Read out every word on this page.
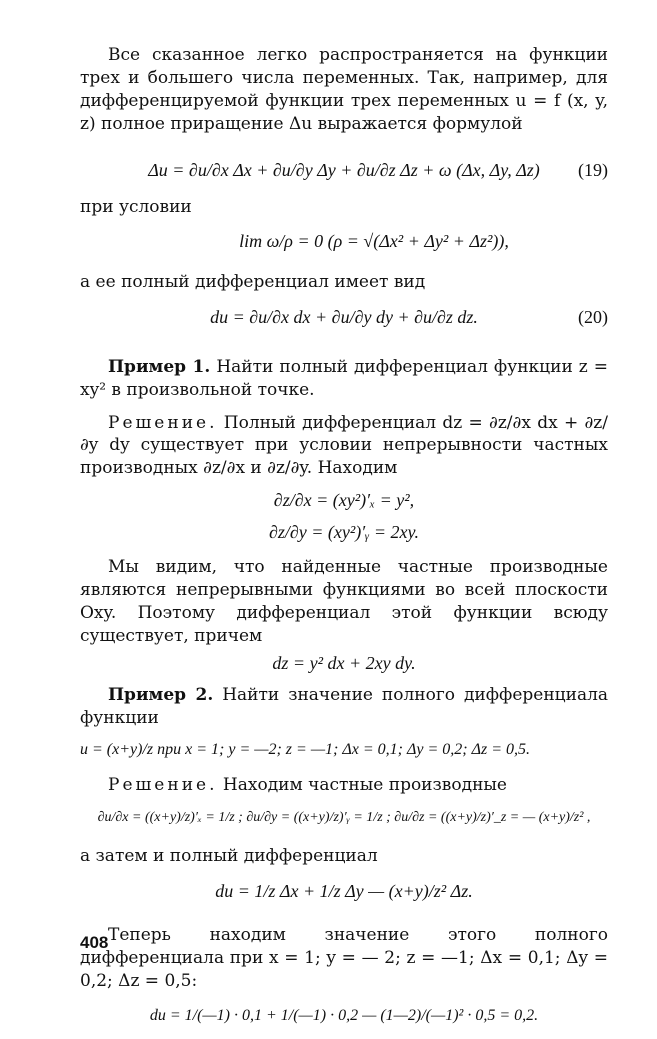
Все сказанное легко распространяется на функции трех и большего числа переменных. Так, например, для дифференцируемой функции трех переменных u = f (x, y, z) полное приращение Δu выражается формулой

Δu = ∂u/∂x Δx + ∂u/∂y Δy + ∂u/∂z Δz + ω (Δx, Δy, Δz) (19)

при условии

lim ω/ρ = 0 (ρ = √(Δx² + Δy² + Δz²)),

а ее полный дифференциал имеет вид

du = ∂u/∂x dx + ∂u/∂y dy + ∂u/∂z dz.	(20)

Пример 1. Найти полный дифференциал функции z = xy² в произвольной точке.

Решение. Полный дифференциал dz = ∂z/∂x dx + ∂z/∂y dy существует при условии непрерывности частных производных ∂z/∂x и ∂z/∂y. Находим

∂z/∂x = (xy²)′ₓ = y²,
∂z/∂y = (xy²)′ᵧ = 2xy.

Мы видим, что найденные частные производные являются непрерывными функциями во всей плоскости Oxy. Поэтому дифференциал этой функции всюду существует, причем

dz = y² dx + 2xy dy.

Пример 2. Найти значение полного дифференциала функции

u = (x+y)/z при x = 1; y = —2; z = —1; Δx = 0,1; Δy = 0,2; Δz = 0,5.

Решение. Находим частные производные

∂u/∂x = ((x+y)/z)′ₓ = 1/z ; ∂u/∂y = ((x+y)/z)′ᵧ = 1/z ; ∂u/∂z = ((x+y)/z)′_z = — (x+y)/z² ,

а затем и полный дифференциал

du = 1/z Δx + 1/z Δy — (x+y)/z² Δz.

Теперь находим значение этого полного дифференциала при x = 1; y = — 2; z = —1; Δx = 0,1; Δy = 0,2; Δz = 0,5:

du = 1/(—1) · 0,1 + 1/(—1) · 0,2 — (1—2)/(—1)² · 0,5 = 0,2.
408
